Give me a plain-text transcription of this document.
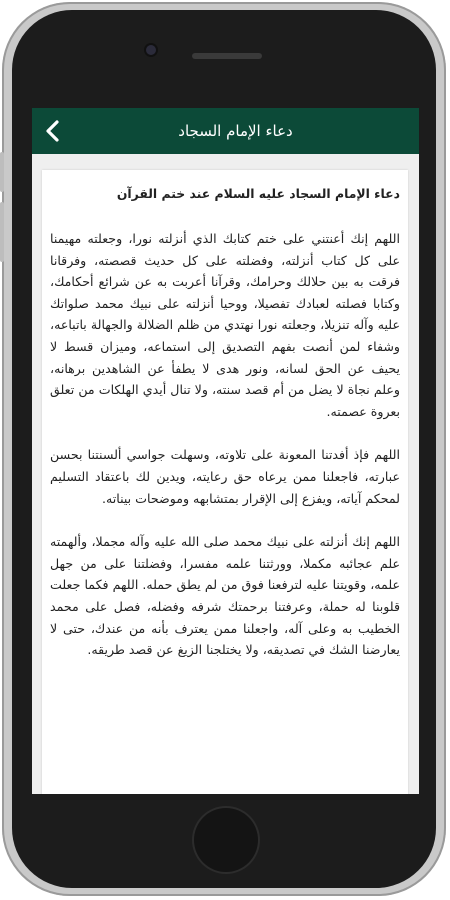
دعاء الإمام السجاد

دعاء الإمام السجاد عليه السلام عند ختم القرآن

اللهم إنك أعنتني على ختم كتابك الذي أنزلته نورا، وجعلته مهيمنا على كل كتاب أنزلته، وفضلته على كل حديث قصصته، وفرقانا فرقت به بين حلالك وحرامك، وقرآنا أعربت به عن شرائع أحكامك، وكتابا فصلته لعبادك تفصيلا، ووحيا أنزلته على نبيك محمد صلواتك عليه وآله تنزيلا، وجعلته نورا نهتدي من ظلم الضلالة والجهالة باتباعه، وشفاء لمن أنصت بفهم التصديق إلى استماعه، وميزان قسط لا يحيف عن الحق لسانه، ونور هدى لا يطفأ عن الشاهدين برهانه، وعلم نجاة لا يضل من أم قصد سنته، ولا تنال أيدي الهلكات من تعلق بعروة عصمته.

اللهم فإذ أفدتنا المعونة على تلاوته، وسهلت جواسي ألسنتنا بحسن عبارته، فاجعلنا ممن يرعاه حق رعايته، ويدين لك باعتقاد التسليم لمحكم آياته، ويفزع إلى الإقرار بمتشابهه وموضحات بيناته.

اللهم إنك أنزلته على نبيك محمد صلى الله عليه وآله مجملا، وألهمته علم عجائبه مكملا، وورثتنا علمه مفسرا، وفضلتنا على من جهل علمه، وقويتنا عليه لترفعنا فوق من لم يطق حمله. اللهم فكما جعلت قلوبنا له حملة، وعرفتنا برحمتك شرفه وفضله، فصل على محمد الخطيب به وعلى آله، واجعلنا ممن يعترف بأنه من عندك، حتى لا يعارضنا الشك في تصديقه، ولا يختلجنا الزيغ عن قصد طريقه.
